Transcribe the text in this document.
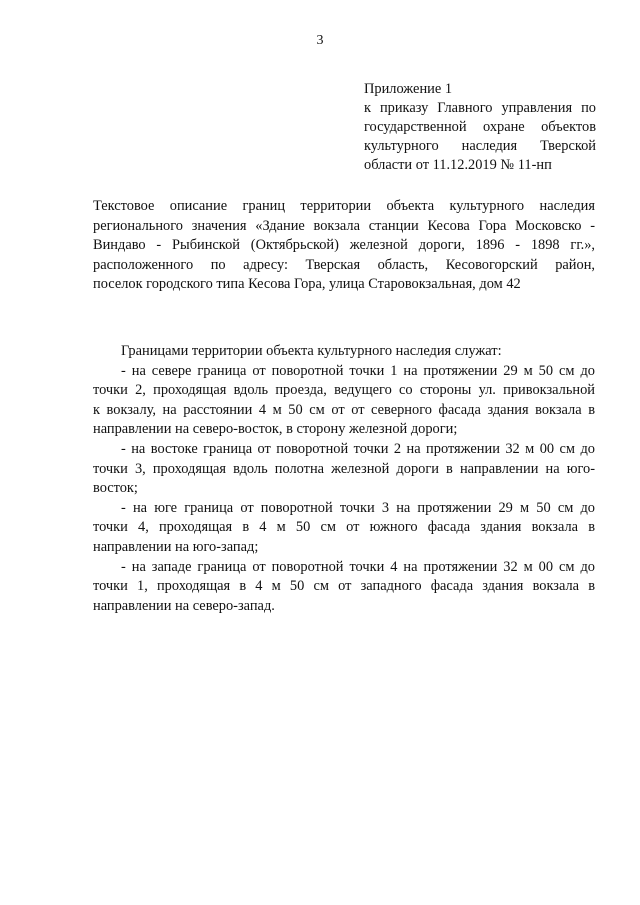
3
Приложение 1
к приказу Главного управления по
государственной охране объектов
культурного наследия Тверской
области от 11.12.2019 № 11-нп
Текстовое описание границ территории объекта культурного наследия
регионального значения «Здание вокзала станции Кесова Гора Московско -
Виндаво - Рыбинской (Октябрьской) железной дороги, 1896 - 1898 гг.»,
расположенного по адресу: Тверская область, Кесовогорский район,
поселок городского типа Кесова Гора, улица Старовокзальная, дом 42
Границами территории объекта культурного наследия служат:
- на севере граница от поворотной точки 1 на протяжении 29 м 50 см до
точки 2, проходящая вдоль проезда, ведущего со стороны ул. привокзальной
к вокзалу, на расстоянии 4 м 50 см от от северного фасада здания вокзала в
направлении на северо-восток, в сторону железной дороги;
- на востоке граница от поворотной точки 2 на протяжении 32 м 00 см до
точки 3, проходящая вдоль полотна железной дороги в направлении на юго-
восток;
- на юге граница от поворотной точки 3 на протяжении 29 м 50 см до
точки 4, проходящая в 4 м 50 см от южного фасада здания вокзала в
направлении на юго-запад;
- на западе граница от поворотной точки 4 на протяжении 32 м 00 см до
точки 1, проходящая в 4 м 50 см от западного фасада здания вокзала в
направлении на северо-запад.
